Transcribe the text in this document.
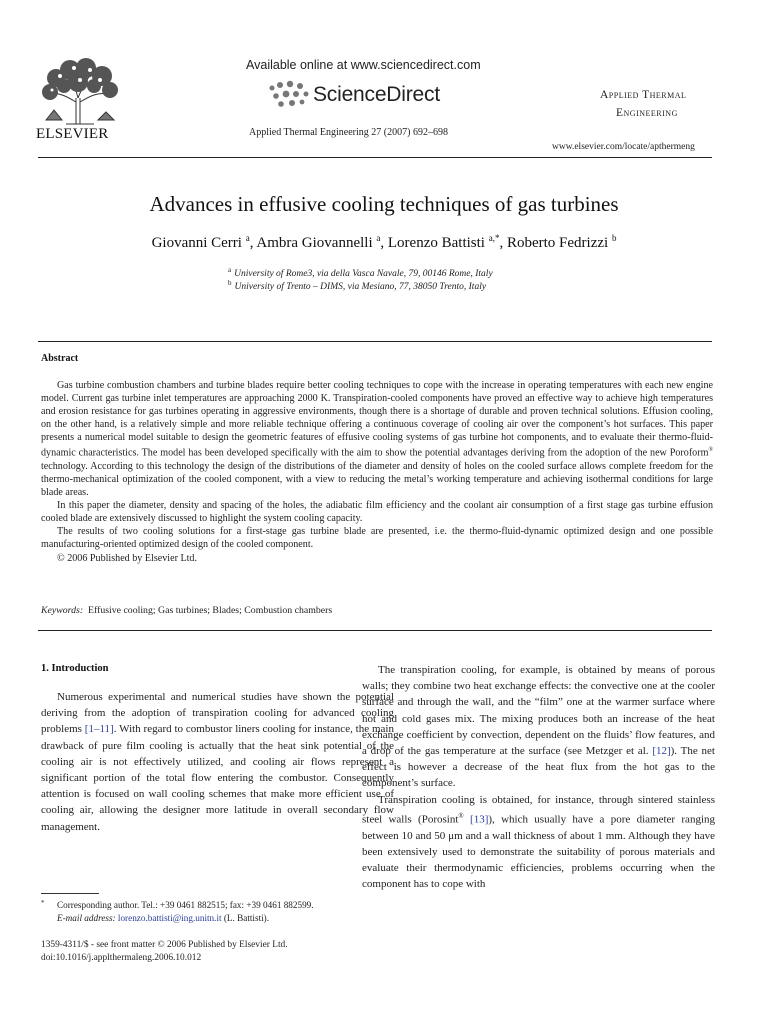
ELSEVIER
Available online at www.sciencedirect.com
ScienceDirect
Applied Thermal Engineering 27 (2007) 692–698
Applied Thermal
Engineering
www.elsevier.com/locate/apthermeng
Advances in effusive cooling techniques of gas turbines
Giovanni Cerri $^a$, Ambra Giovannelli $^a$, Lorenzo Battisti $^{a,*}$, Roberto Fedrizzi $^b$
$^a$ University of Rome3, via della Vasca Navale, 79, 00146 Rome, Italy
$^b$ University of Trento – DIMS, via Mesiano, 77, 38050 Trento, Italy
Abstract

Gas turbine combustion chambers and turbine blades require better cooling techniques to cope with the increase in operating temperatures with each new engine model. Current gas turbine inlet temperatures are approaching 2000 K. Transpiration-cooled components have proved an effective way to achieve high temperatures and erosion resistance for gas turbines operating in aggressive environments, though there is a shortage of durable and proven technical solutions. Effusion cooling, on the other hand, is a relatively simple and more reliable technique offering a continuous coverage of cooling air over the component’s hot surfaces. This paper presents a numerical model suitable to design the geometric features of effusive cooling systems of gas turbine hot components, and to evaluate their thermo-fluid-dynamic characteristics. The model has been developed specifically with the aim to show the potential advantages deriving from the adoption of the new Poroform® technology. According to this technology the design of the distributions of the diameter and density of holes on the cooled surface allows complete freedom for the thermo-mechanical optimization of the cooled component, with a view to reducing the metal’s working temperature and achieving isothermal conditions for large blade areas.

In this paper the diameter, density and spacing of the holes, the adiabatic film efficiency and the coolant air consumption of a first stage gas turbine effusion cooled blade are extensively discussed to highlight the system cooling capacity.

The results of two cooling solutions for a first-stage gas turbine blade are presented, i.e. the thermo-fluid-dynamic optimized design and one possible manufacturing-oriented optimized design of the cooled component.

© 2006 Published by Elsevier Ltd.

Keywords: Effusive cooling; Gas turbines; Blades; Combustion chambers
1. Introduction

Numerous experimental and numerical studies have shown the potential deriving from the adoption of transpiration cooling for advanced cooling problems [1–11]. With regard to combustor liners cooling for instance, the main drawback of pure film cooling is actually that the heat sink potential of the cooling air is not effectively utilized, and cooling air flows represent a significant portion of the total flow entering the combustor. Consequently attention is focused on wall cooling schemes that make more efficient use of cooling air, allowing the designer more latitude in overall secondary flow management.

The transpiration cooling, for example, is obtained by means of porous walls; they combine two heat exchange effects: the convective one at the cooler surface and through the wall, and the “film” one at the warmer surface where hot and cold gases mix. The mixing produces both an increase of the heat exchange coefficient by convection, dependent on the fluids’ flow features, and a drop of the gas temperature at the surface (see Metzger et al. [12]). The net effect is however a decrease of the heat flux from the hot gas to the component’s surface.

Transpiration cooling is obtained, for instance, through sintered stainless steel walls (Porosint® [13]), which usually have a pore diameter ranging between 10 and 50 μm and a wall thickness of about 1 mm. Although they have been extensively used to demonstrate the suitability of porous materials and evaluate their thermodynamic efficiencies, problems occurring when the component has to cope with

* Corresponding author. Tel.: +39 0461 882515; fax: +39 0461 882599.
E-mail address: lorenzo.battisti@ing.unitn.it (L. Battisti).
1359-4311/$ - see front matter © 2006 Published by Elsevier Ltd.
doi:10.1016/j.applthermaleng.2006.10.012
